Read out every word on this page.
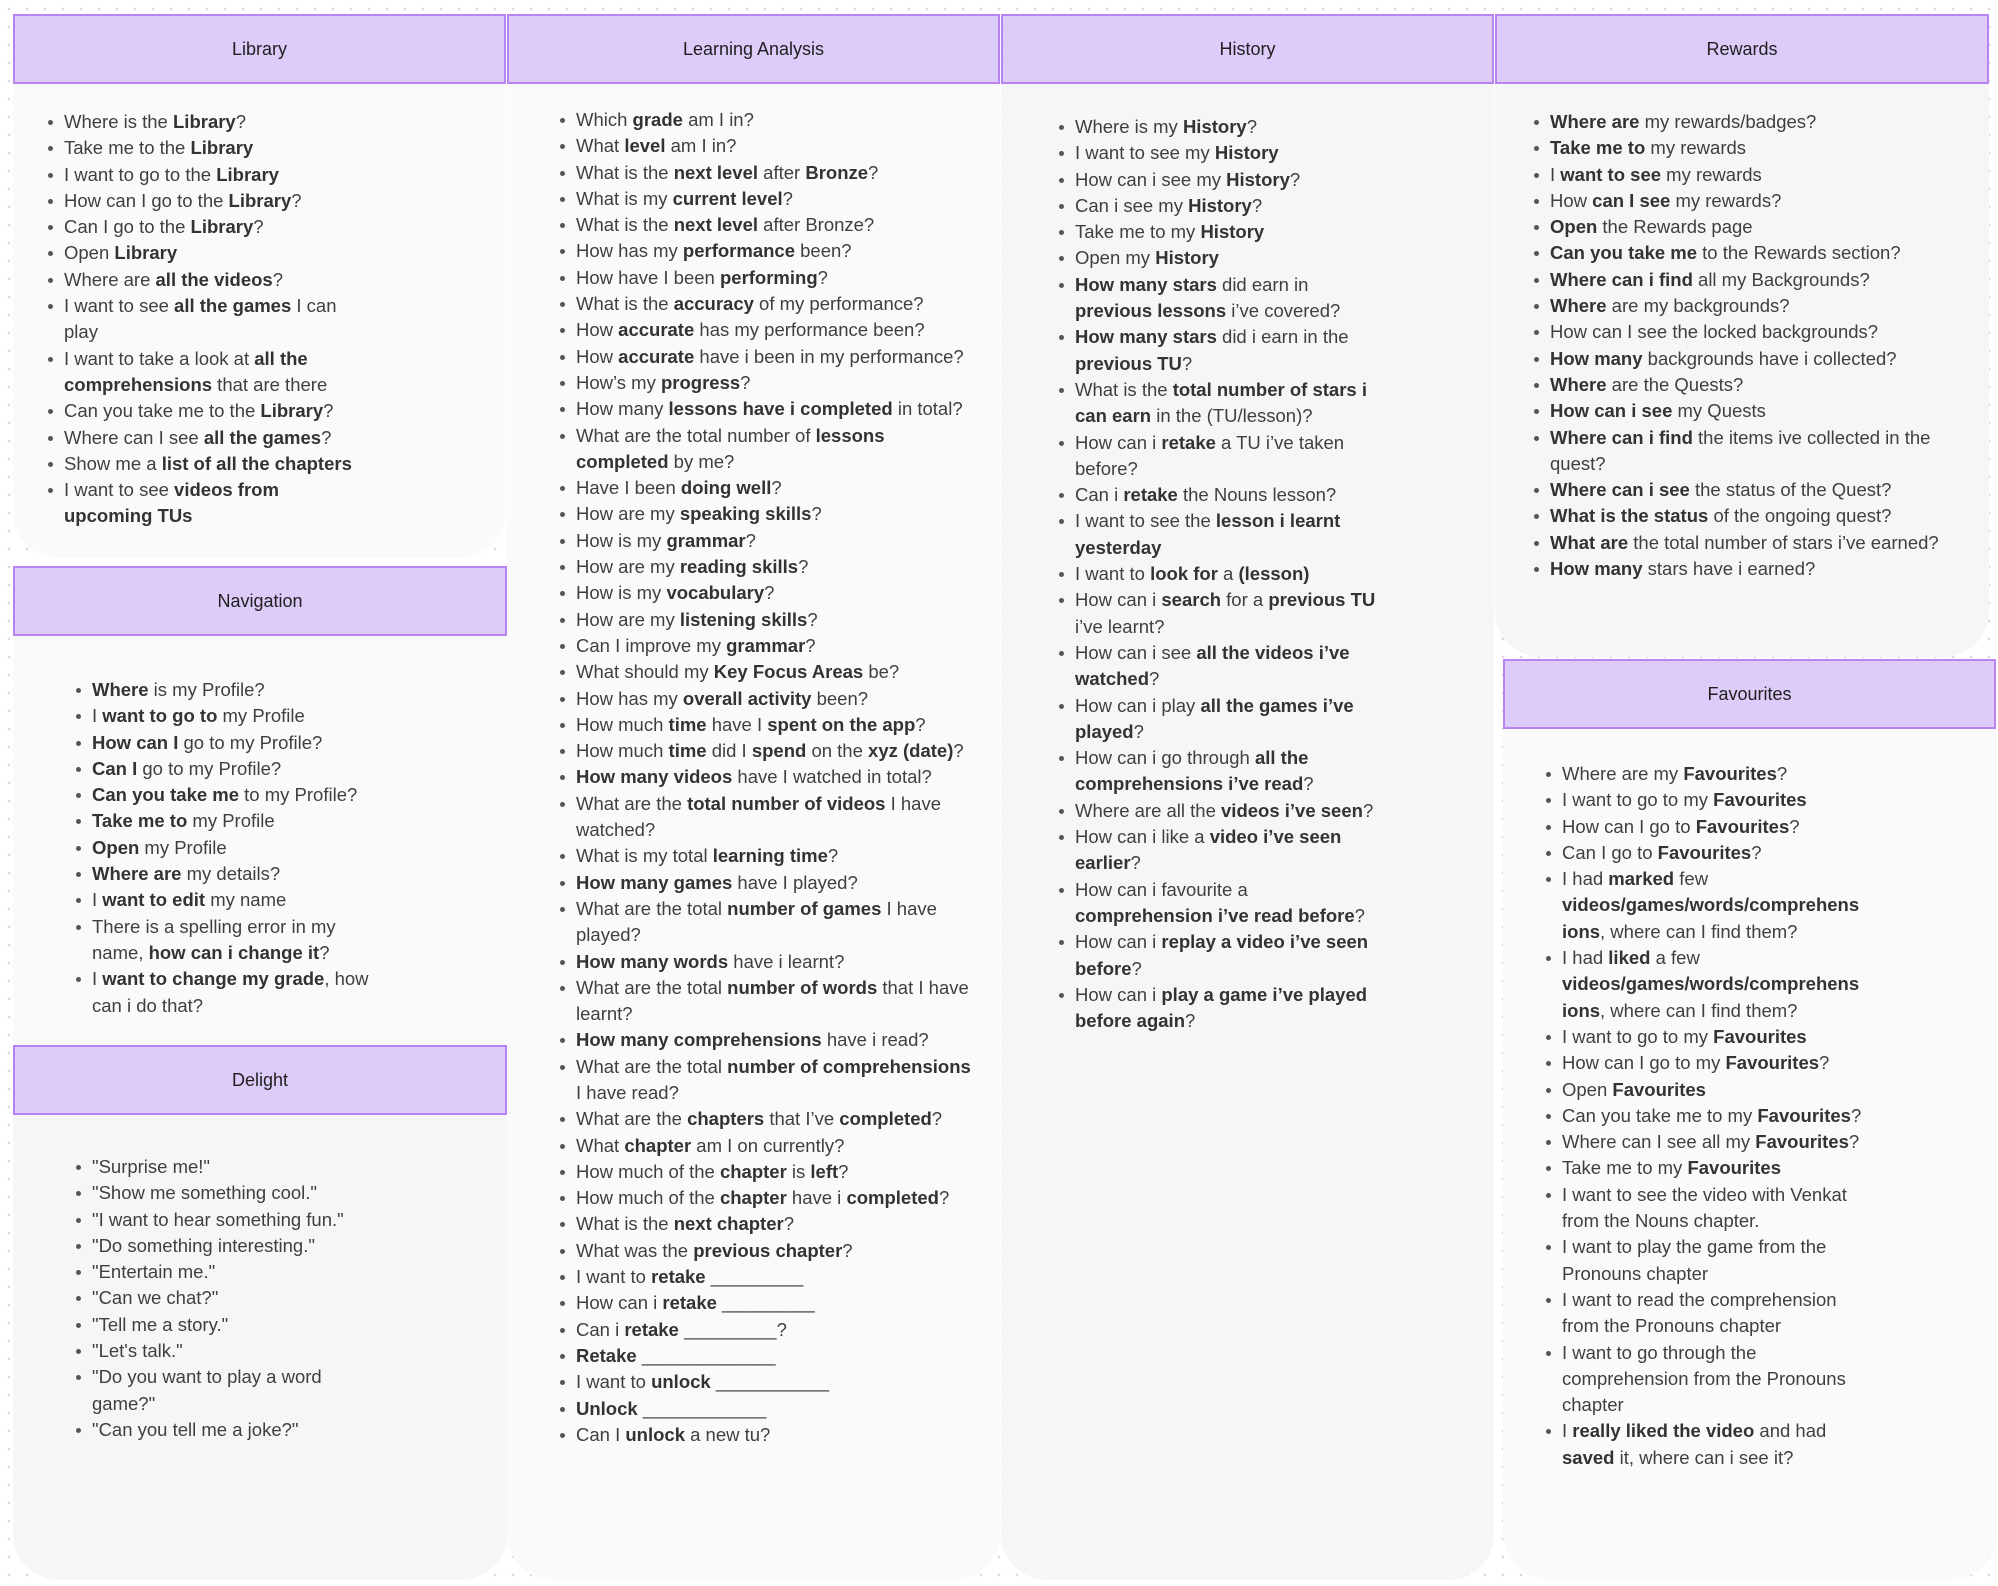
Library
Where is the Library?
Take me to the Library
I want to go to the Library
How can I go to the Library?
Can I go to the Library?
Open Library
Where are all the videos?
I want to see all the games I can play
I want to take a look at all the comprehensions that are there
Can you take me to the Library?
Where can I see all the games?
Show me a list of all the chapters
I want to see videos from upcoming TUs
Navigation
Where is my Profile?
I want to go to my Profile
How can I go to my Profile?
Can I go to my Profile?
Can you take me to my Profile?
Take me to my Profile
Open my Profile
Where are my details?
I want to edit my name
There is a spelling error in my name, how can i change it?
I want to change my grade, how can i do that?
Delight
"Surprise me!"
"Show me something cool."
"I want to hear something fun."
"Do something interesting."
"Entertain me."
"Can we chat?"
"Tell me a story."
"Let's talk."
"Do you want to play a word game?"
"Can you tell me a joke?"
Learning Analysis
Which grade am I in?
What level am I in?
What is the next level after Bronze?
What is my current level?
What is the next level after Bronze?
How has my performance been?
How have I been performing?
What is the accuracy of my performance?
How accurate has my performance been?
How accurate have i been in my performance?
How’s my progress?
How many lessons have i completed in total?
What are the total number of lessons completed by me?
Have I been doing well?
How are my speaking skills?
How is my grammar?
How are my reading skills?
How is my vocabulary?
How are my listening skills?
Can I improve my grammar?
What should my Key Focus Areas be?
How has my overall activity been?
How much time have I spent on the app?
How much time did I spend on the xyz (date)?
How many videos have I watched in total?
What are the total number of videos I have watched?
What is my total learning time?
How many games have I played?
What are the total number of games I have played?
How many words have i learnt?
What are the total number of words that I have learnt?
How many comprehensions have i read?
What are the total number of comprehensions I have read?
What are the chapters that I’ve completed?
What chapter am I on currently?
How much of the chapter is left?
How much of the chapter have i completed?
What is the next chapter?
What was the previous chapter?
I want to retake _________
How can i retake _________
Can i retake _________?
Retake _____________
I want to unlock ___________
Unlock ____________
Can I unlock a new tu?
History
Where is my History?
I want to see my History
How can i see my History?
Can i see my History?
Take me to my History
Open my History
How many stars did earn in previous lessons i’ve covered?
How many stars did i earn in the previous TU?
What is the total number of stars i can earn in the (TU/lesson)?
How can i retake a TU i’ve taken before?
Can i retake the Nouns lesson?
I want to see the lesson i learnt yesterday
I want to look for a (lesson)
How can i search for a previous TU i’ve learnt?
How can i see all the videos i’ve watched?
How can i play all the games i’ve played?
How can i go through all the comprehensions i’ve read?
Where are all the videos i’ve seen?
How can i like a video i’ve seen earlier?
How can i favourite a comprehension i’ve read before?
How can i replay a video i’ve seen before?
How can i play a game i’ve played before again?
Rewards
Where are my rewards/badges?
Take me to my rewards
I want to see my rewards
How can I see my rewards?
Open the Rewards page
Can you take me to the Rewards section?
Where can i find all my Backgrounds?
Where are my backgrounds?
How can I see the locked backgrounds?
How many backgrounds have i collected?
Where are the Quests?
How can i see my Quests
Where can i find the items ive collected in the quest?
Where can i see the status of the Quest?
What is the status of the ongoing quest?
What are the total number of stars i’ve earned?
How many stars have i earned?
Favourites
Where are my Favourites?
I want to go to my Favourites
How can I go to Favourites?
Can I go to Favourites?
I had marked few videos/games/words/comprehens ions, where can I find them?
I had liked a few videos/games/words/comprehens ions, where can I find them?
I want to go to my Favourites
How can I go to my Favourites?
Open Favourites
Can you take me to my Favourites?
Where can I see all my Favourites?
Take me to my Favourites
I want to see the video with Venkat from the Nouns chapter.
I want to play the game from the Pronouns chapter
I want to read the comprehension from the Pronouns chapter
I want to go through the comprehension from the Pronouns chapter
I really liked the video and had saved it, where can i see it?
